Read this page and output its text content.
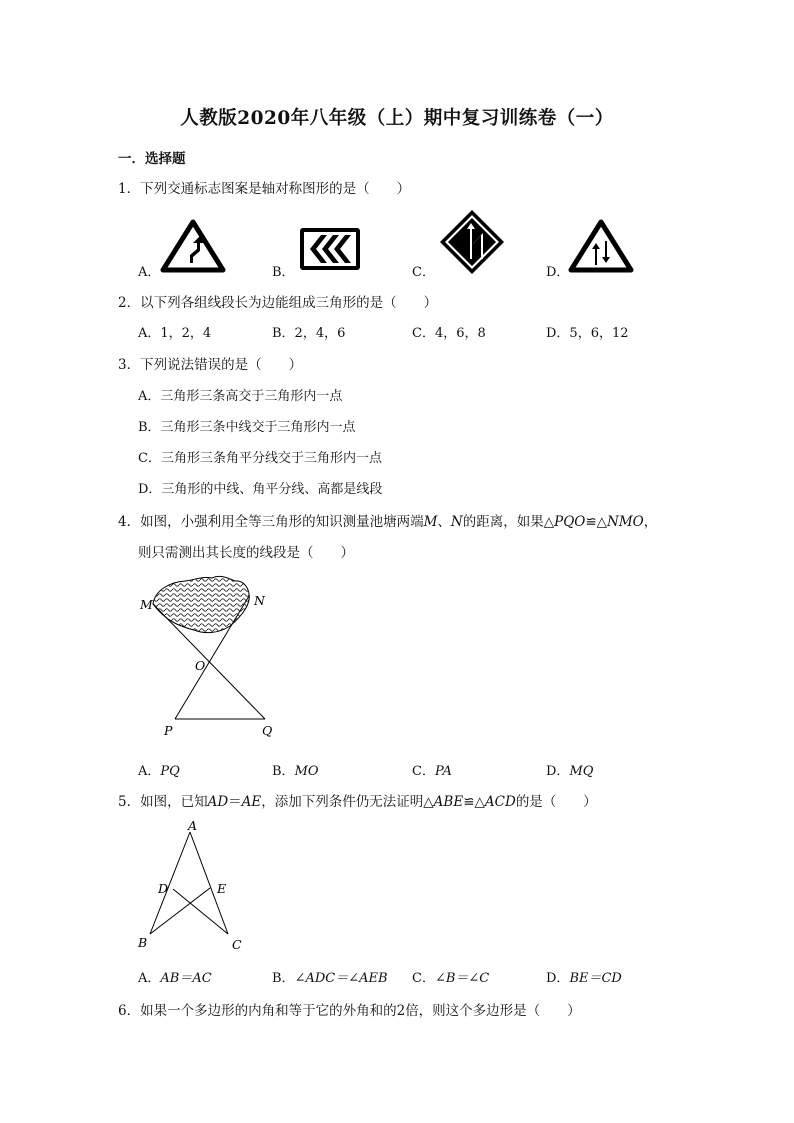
人教版2020年八年级（上）期中复习训练卷（一）
一．选择题
1．下列交通标志图案是轴对称图形的是（　　）
A．	B．	C．	D．
2．以下列各组线段长为边能组成三角形的是（　　）
A．1，2，4	B．2，4，6	C．4，6，8	D．5，6，12
3．下列说法错误的是（　　）
A．三角形三条高交于三角形内一点
B．三角形三条中线交于三角形内一点
C．三角形三条角平分线交于三角形内一点
D．三角形的中线、角平分线、高都是线段
4．如图，小强利用全等三角形的知识测量池塘两端M、N的距离，如果△PQO≌△NMO，
则只需测出其长度的线段是（　　）
M	N
O
P	Q
A．PQ	B．MO	C．PA	D．MQ
5．如图，已知AD＝AE，添加下列条件仍无法证明△ABE≌△ACD的是（　　）
A
D	E
B	C
A．AB＝AC	B．∠ADC＝∠AEB C．∠B＝∠C	D．BE＝CD
6．如果一个多边形的内角和等于它的外角和的2倍，则这个多边形是（　　）
